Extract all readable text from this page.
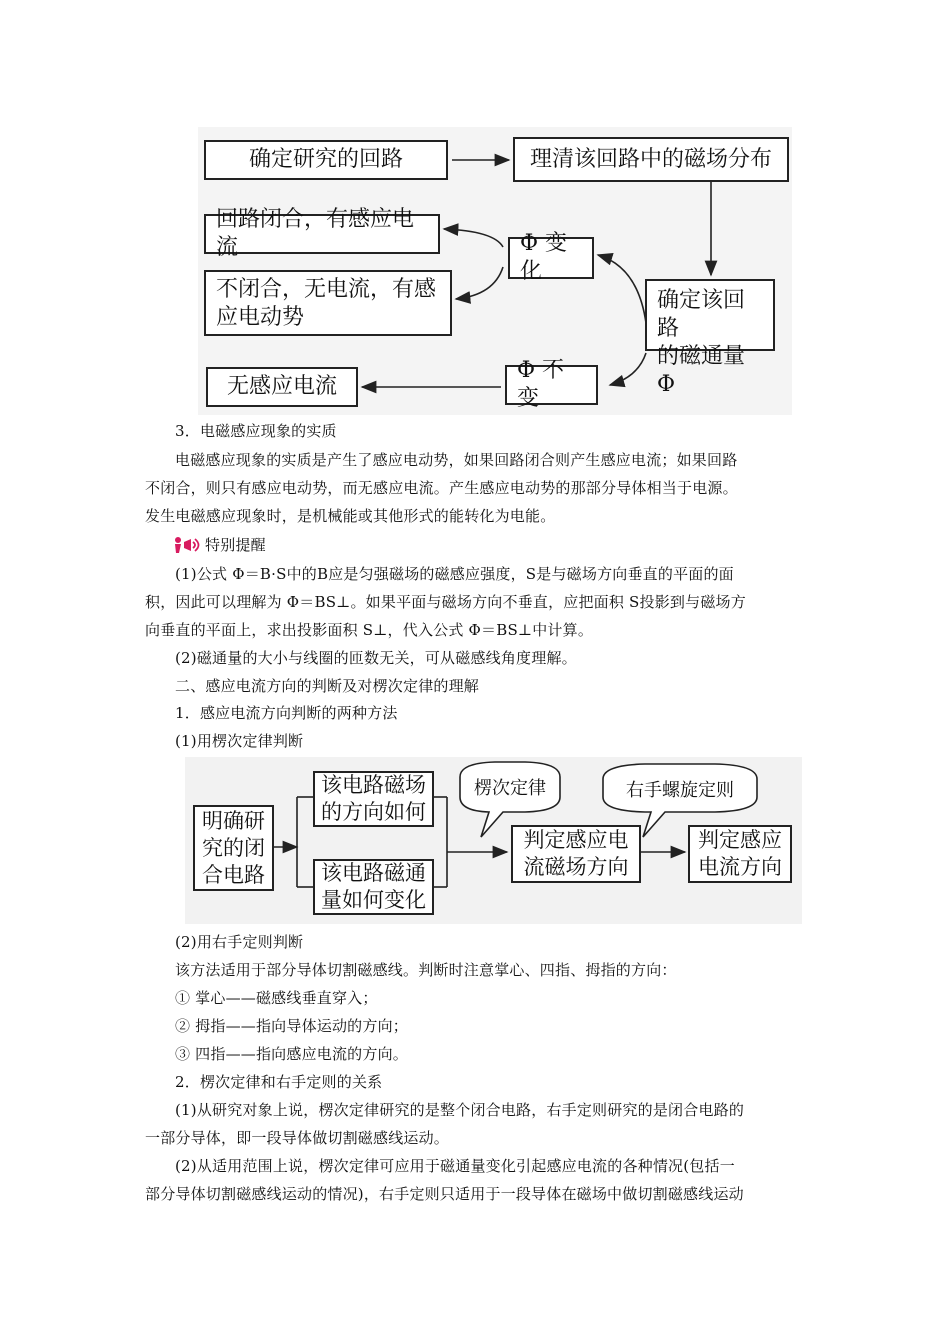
确定研究的回路	理清该回路中的磁场分布
回路闭合，有感应电流
不闭合，无电流，有感
应电动势
Φ 变化
确定该回路
的磁通量Φ
无感应电流
Φ 不变
3．电磁感应现象的实质
电磁感应现象的实质是产生了感应电动势，如果回路闭合则产生感应电流；如果回路
不闭合，则只有感应电动势，而无感应电流。产生感应电动势的那部分导体相当于电源。
发生电磁感应现象时，是机械能或其他形式的能转化为电能。
特别提醒
(1)公式 Φ＝B·S中的B应是匀强磁场的磁感应强度，S是与磁场方向垂直的平面的面
积，因此可以理解为 Φ＝BS⊥。如果平面与磁场方向不垂直，应把面积 S投影到与磁场方
向垂直的平面上，求出投影面积 S⊥，代入公式 Φ＝BS⊥中计算。
(2)磁通量的大小与线圈的匝数无关，可从磁感线角度理解。
二、感应电流方向的判断及对楞次定律的理解
1．感应电流方向判断的两种方法
(1)用楞次定律判断
明确研
究的闭
合电路
该电路磁场
的方向如何
该电路磁通
量如何变化
楞次定律	右手螺旋定则
判定感应电
流磁场方向
判定感应
电流方向
(2)用右手定则判断
该方法适用于部分导体切割磁感线。判断时注意掌心、四指、拇指的方向：
① 掌心——磁感线垂直穿入；
② 拇指——指向导体运动的方向；
③ 四指——指向感应电流的方向。
2．楞次定律和右手定则的关系
(1)从研究对象上说，楞次定律研究的是整个闭合电路，右手定则研究的是闭合电路的
一部分导体，即一段导体做切割磁感线运动。
(2)从适用范围上说，楞次定律可应用于磁通量变化引起感应电流的各种情况(包括一
部分导体切割磁感线运动的情况)，右手定则只适用于一段导体在磁场中做切割磁感线运动
